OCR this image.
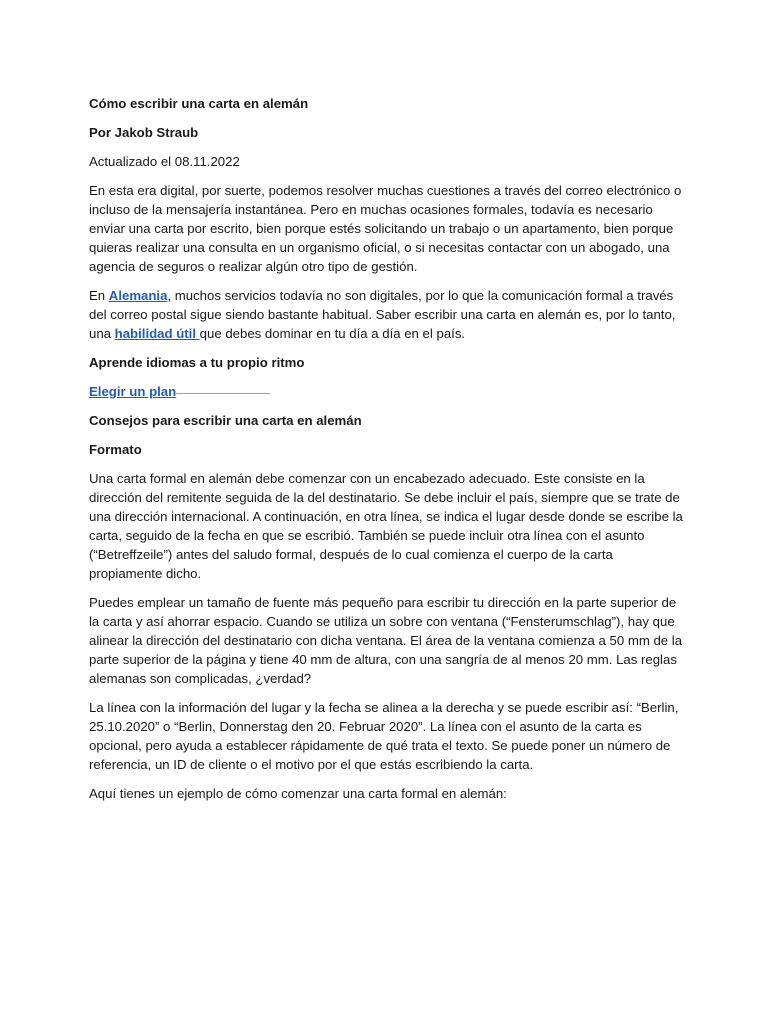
Cómo escribir una carta en alemán

Por Jakob Straub

Actualizado el 08.11.2022

En esta era digital, por suerte, podemos resolver muchas cuestiones a través del correo electrónico o incluso de la mensajería instantánea. Pero en muchas ocasiones formales, todavía es necesario enviar una carta por escrito, bien porque estés solicitando un trabajo o un apartamento, bien porque quieras realizar una consulta en un organismo oficial, o si necesitas contactar con un abogado, una agencia de seguros o realizar algún otro tipo de gestión.

En Alemania, muchos servicios todavía no son digitales, por lo que la comunicación formal a través del correo postal sigue siendo bastante habitual. Saber escribir una carta en alemán es, por lo tanto, una habilidad útil que debes dominar en tu día a día en el país.

Aprende idiomas a tu propio ritmo

Elegir un plan

Consejos para escribir una carta en alemán

Formato

Una carta formal en alemán debe comenzar con un encabezado adecuado. Este consiste en la dirección del remitente seguida de la del destinatario. Se debe incluir el país, siempre que se trate de una dirección internacional. A continuación, en otra línea, se indica el lugar desde donde se escribe la carta, seguido de la fecha en que se escribió. También se puede incluir otra línea con el asunto (“Betreffzeile”) antes del saludo formal, después de lo cual comienza el cuerpo de la carta propiamente dicho.

Puedes emplear un tamaño de fuente más pequeño para escribir tu dirección en la parte superior de la carta y así ahorrar espacio. Cuando se utiliza un sobre con ventana (“Fensterumschlag”), hay que alinear la dirección del destinatario con dicha ventana. El área de la ventana comienza a 50 mm de la parte superior de la página y tiene 40 mm de altura, con una sangría de al menos 20 mm. Las reglas alemanas son complicadas, ¿verdad?

La línea con la información del lugar y la fecha se alinea a la derecha y se puede escribir así: “Berlin, 25.10.2020” o “Berlin, Donnerstag den 20. Februar 2020”. La línea con el asunto de la carta es opcional, pero ayuda a establecer rápidamente de qué trata el texto. Se puede poner un número de referencia, un ID de cliente o el motivo por el que estás escribiendo la carta.

Aquí tienes un ejemplo de cómo comenzar una carta formal en alemán:
